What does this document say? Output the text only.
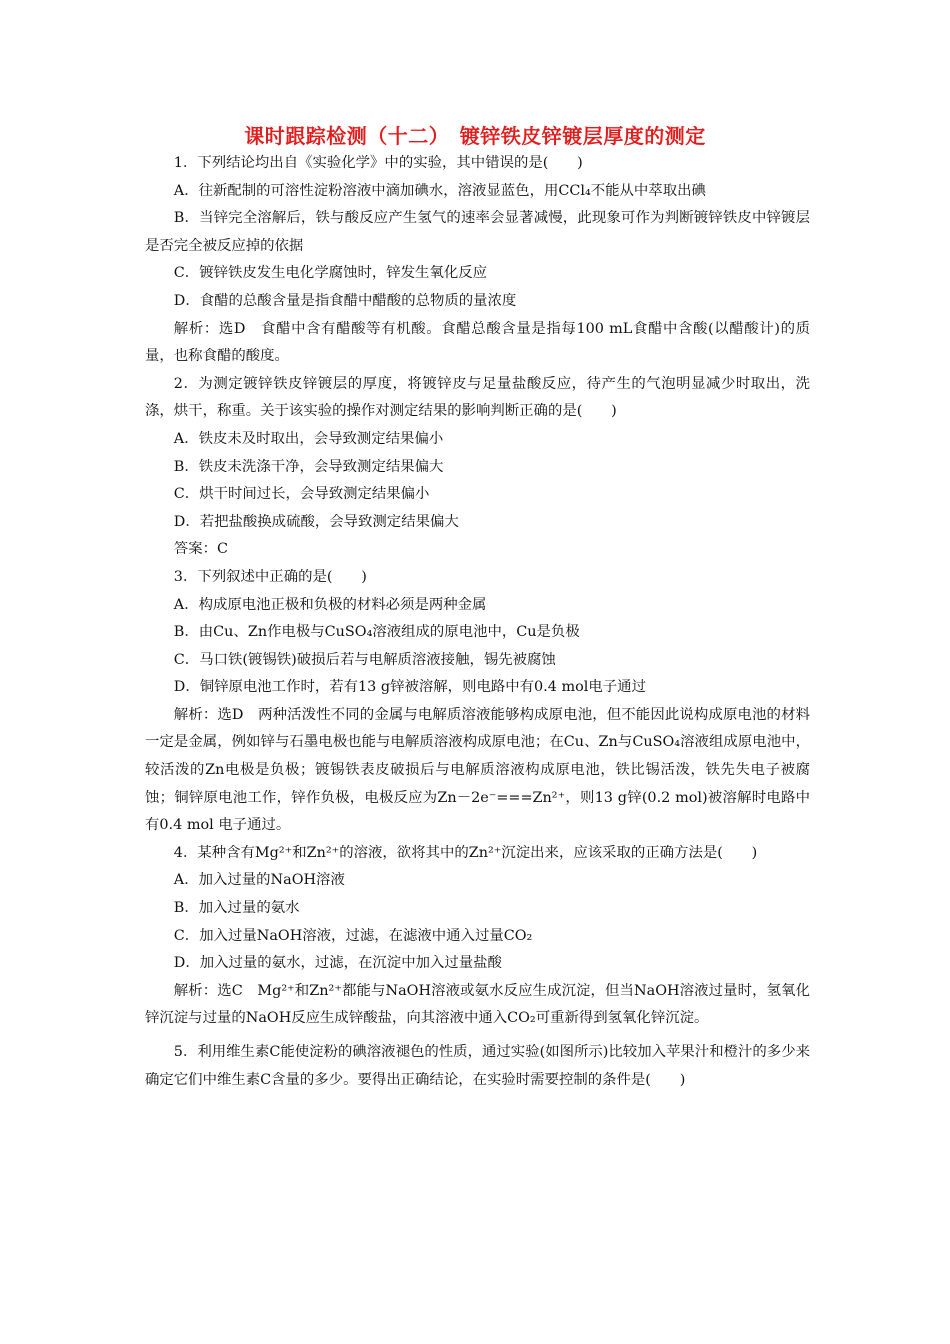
课时跟踪检测（十二）　镀锌铁皮锌镀层厚度的测定

1．下列结论均出自《实验化学》中的实验，其中错误的是(　　)

A．往新配制的可溶性淀粉溶液中滴加碘水，溶液显蓝色，用CCl₄不能从中萃取出碘

B．当锌完全溶解后，铁与酸反应产生氢气的速率会显著减慢，此现象可作为判断镀锌铁皮中锌镀层是否完全被反应掉的依据

C．镀锌铁皮发生电化学腐蚀时，锌发生氧化反应

D．食醋的总酸含量是指食醋中醋酸的总物质的量浓度

解析：选D　食醋中含有醋酸等有机酸。食醋总酸含量是指每100 mL食醋中含酸(以醋酸计)的质量，也称食醋的酸度。

2．为测定镀锌铁皮锌镀层的厚度，将镀锌皮与足量盐酸反应，待产生的气泡明显减少时取出，洗涤，烘干，称重。关于该实验的操作对测定结果的影响判断正确的是(　　)

A．铁皮未及时取出，会导致测定结果偏小

B．铁皮未洗涤干净，会导致测定结果偏大

C．烘干时间过长，会导致测定结果偏小

D．若把盐酸换成硫酸，会导致测定结果偏大

答案：C

3．下列叙述中正确的是(　　)

A．构成原电池正极和负极的材料必须是两种金属

B．由Cu、Zn作电极与CuSO₄溶液组成的原电池中，Cu是负极

C．马口铁(镀锡铁)破损后若与电解质溶液接触，锡先被腐蚀

D．铜锌原电池工作时，若有13 g锌被溶解，则电路中有0.4 mol电子通过

解析：选D　两种活泼性不同的金属与电解质溶液能够构成原电池，但不能因此说构成原电池的材料一定是金属，例如锌与石墨电极也能与电解质溶液构成原电池；在Cu、Zn与CuSO₄溶液组成原电池中，较活泼的Zn电极是负极；镀锡铁表皮破损后与电解质溶液构成原电池，铁比锡活泼，铁先失电子被腐蚀；铜锌原电池工作，锌作负极，电极反应为Zn－2e⁻===Zn²⁺，则13 g锌(0.2 mol)被溶解时电路中有0.4 mol 电子通过。

4．某种含有Mg²⁺和Zn²⁺的溶液，欲将其中的Zn²⁺沉淀出来，应该采取的正确方法是(　　)

A．加入过量的NaOH溶液

B．加入过量的氨水

C．加入过量NaOH溶液，过滤，在滤液中通入过量CO₂

D．加入过量的氨水，过滤，在沉淀中加入过量盐酸

解析：选C　Mg²⁺和Zn²⁺都能与NaOH溶液或氨水反应生成沉淀，但当NaOH溶液过量时，氢氧化锌沉淀与过量的NaOH反应生成锌酸盐，向其溶液中通入CO₂可重新得到氢氧化锌沉淀。

5．利用维生素C能使淀粉的碘溶液褪色的性质，通过实验(如图所示)比较加入苹果汁和橙汁的多少来确定它们中维生素C含量的多少。要得出正确结论，在实验时需要控制的条件是(　　)
